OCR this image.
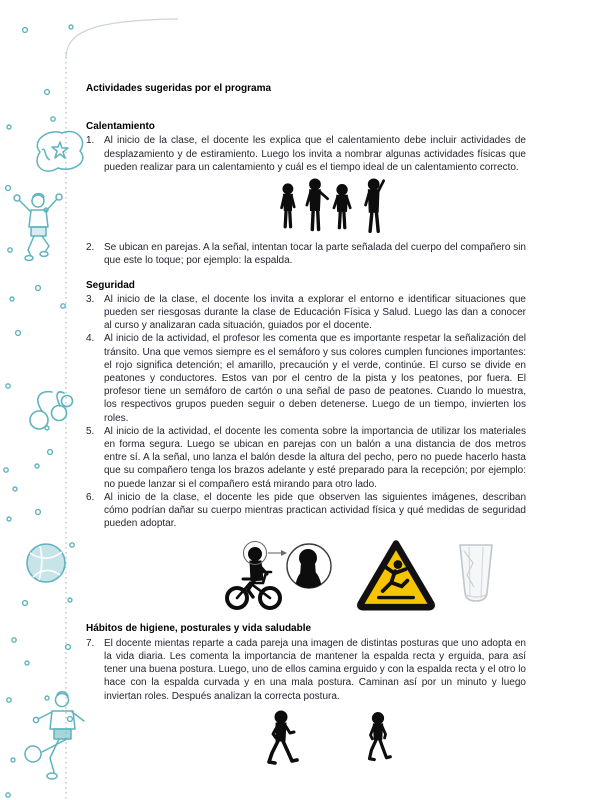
Actividades sugeridas por el programa
Calentamiento
1. Al inicio de la clase, el docente les explica que el calentamiento debe incluir actividades de desplazamiento y de estiramiento. Luego los invita a nombrar algunas actividades físicas que pueden realizar para un calentamiento y cuál es el tiempo ideal de un calentamiento correcto.

2. Se ubican en parejas. A la señal, intentan tocar la parte señalada del cuerpo del compañero sin que este lo toque; por ejemplo: la espalda.

Seguridad
3. Al inicio de la clase, el docente los invita a explorar el entorno e identificar situaciones que pueden ser riesgosas durante la clase de Educación Física y Salud. Luego las dan a conocer al curso y analizaran cada situación, guiados por el docente.

4. Al inicio de la actividad, el profesor les comenta que es importante respetar la señalización del tránsito. Una que vemos siempre es el semáforo y sus colores cumplen funciones importantes: el rojo significa detención; el amarillo, precaución y el verde, continúe. El curso se divide en peatones y conductores. Estos van por el centro de la pista y los peatones, por fuera. El profesor tiene un semáforo de cartón o una señal de paso de peatones. Cuando lo muestra, los respectivos grupos pueden seguir o deben detenerse. Luego de un tiempo, invierten los roles.

5. Al inicio de la actividad, el docente les comenta sobre la importancia de utilizar los materiales en forma segura. Luego se ubican en parejas con un balón a una distancia de dos metros entre sí. A la señal, uno lanza el balón desde la altura del pecho, pero no puede hacerlo hasta que su compañero tenga los brazos adelante y esté preparado para la recepción; por ejemplo: no puede lanzar si el compañero está mirando para otro lado.

6. Al inicio de la clase, el docente les pide que observen las siguientes imágenes, describan cómo podrían dañar su cuerpo mientras practican actividad física y qué medidas de seguridad pueden adoptar.

Hábitos de higiene, posturales y vida saludable
7. El docente mientas reparte a cada pareja una imagen de distintas posturas que uno adopta en la vida diaria. Les comenta la importancia de mantener la espalda recta y erguida, para así tener una buena postura. Luego, uno de ellos camina erguido y con la espalda recta y el otro lo hace con la espalda curvada y en una mala postura. Caminan así por un minuto y luego inviertan roles. Después analizan la correcta postura.
